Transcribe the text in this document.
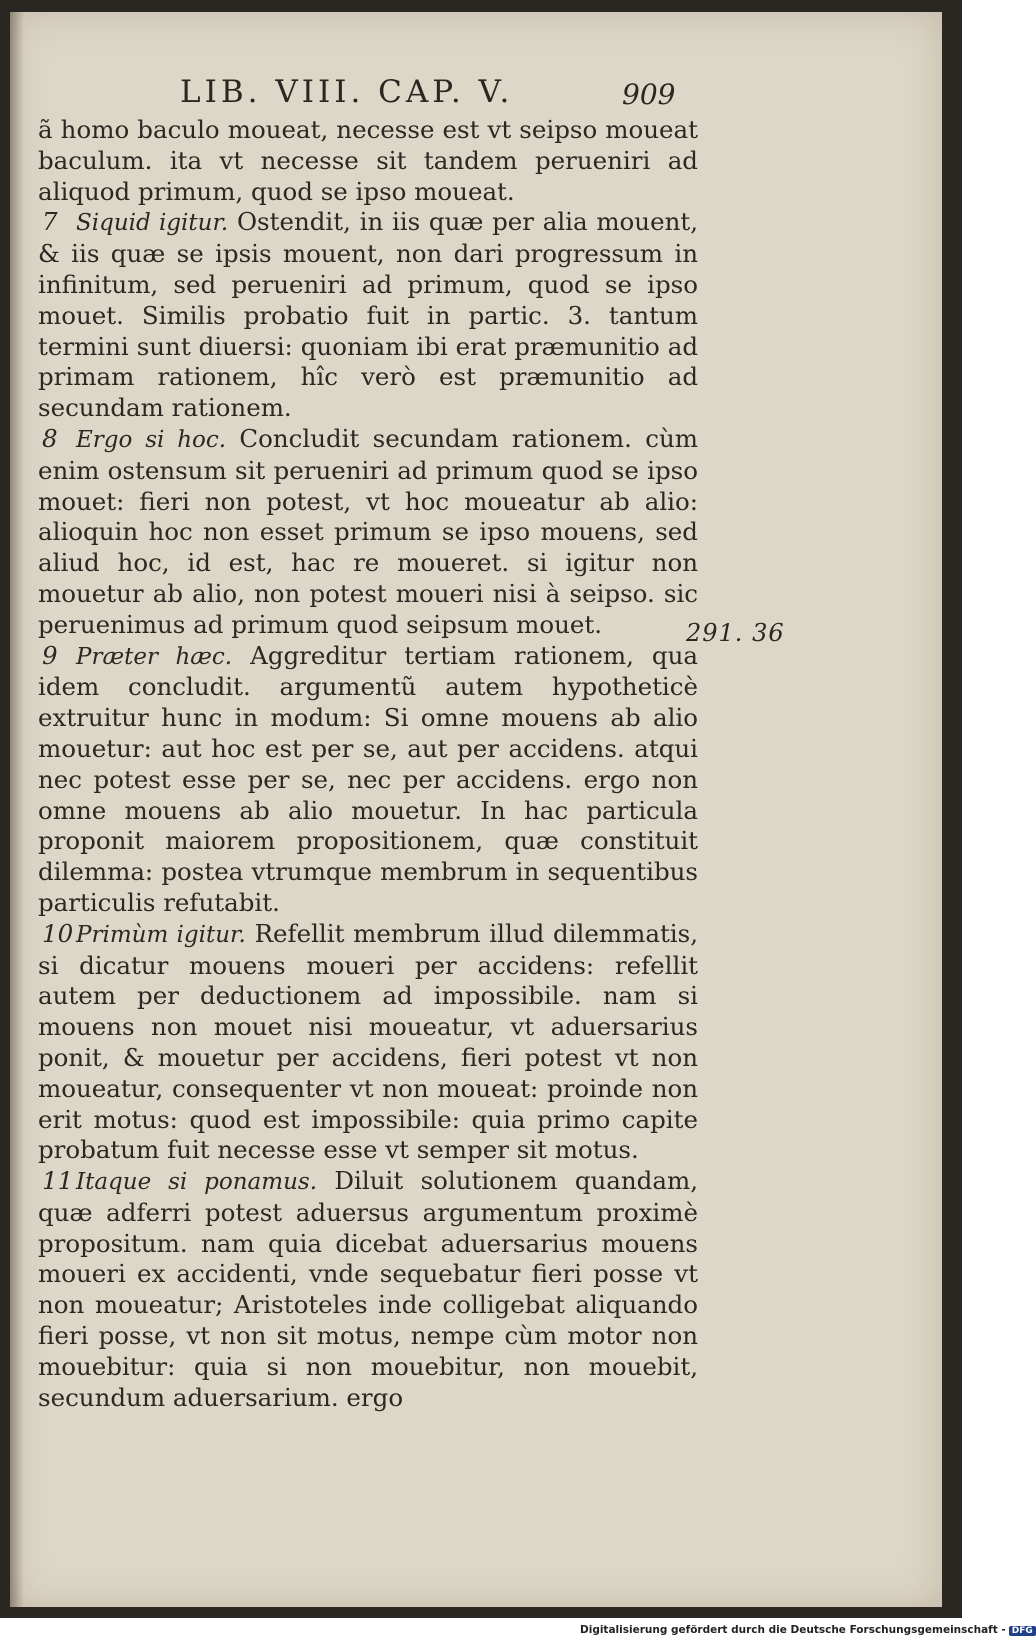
LIB. VIII. CAP. V.	909

ã homo baculo moueat, necesse est vt seipso moueat baculum. ita vt necesse sit tandem perueniri ad aliquod primum, quod se ipso moueat.

7 Siquid igitur. Ostendit, in iis quæ per alia mouent, & iis quæ se ipsis mouent, non dari progressum in infinitum, sed perueniri ad primum, quod se ipso mouet. Similis probatio fuit in partic. 3. tantum termini sunt diuersi: quoniam ibi erat præmunitio ad primam rationem, hîc verò est præmunitio ad secundam rationem.

8 Ergo si hoc. Concludit secundam rationem. cùm enim ostensum sit perueniri ad primum quod se ipso mouet: fieri non potest, vt hoc moueatur ab alio: alioquin hoc non esset primum se ipso mouens, sed aliud hoc, id est, hac re moueret. si igitur non mouetur ab alio, non potest moueri nisi à seipso. sic peruenimus ad primum quod seipsum mouet.

9 Præter hæc. Aggreditur tertiam rationem, qua idem concludit. argumentũ autem hypotheticè extruitur hunc in modum: Si omne mouens ab alio mouetur: aut hoc est per se, aut per accidens. atqui nec potest esse per se, nec per accidens. ergo non omne mouens ab alio mouetur. In hac particula proponit maiorem propositionem, quæ constituit dilemma: postea vtrumque membrum in sequentibus particulis refutabit.

10 Primùm igitur. Refellit membrum illud dilemmatis, si dicatur mouens moueri per accidens: refellit autem per deductionem ad impossibile. nam si mouens non mouet nisi moueatur, vt aduersarius ponit, & mouetur per accidens, fieri potest vt non moueatur, consequenter vt non moueat: proinde non erit motus: quod est impossibile: quia primo capite probatum fuit necesse esse vt semper sit motus.

11 Itaque si ponamus. Diluit solutionem quandam, quæ adferri potest aduersus argumentum proximè propositum. nam quia dicebat aduersarius mouens moueri ex accidenti, vnde sequebatur fieri posse vt non moueatur; Aristoteles inde colligebat aliquando fieri posse, vt non sit motus, nempe cùm motor non mouebitur: quia si non mouebitur, non mouebit, secundum aduersarium. ergo

291. 36
Digitalisierung gefördert durch die Deutsche Forschungsgemeinschaft - DFG
